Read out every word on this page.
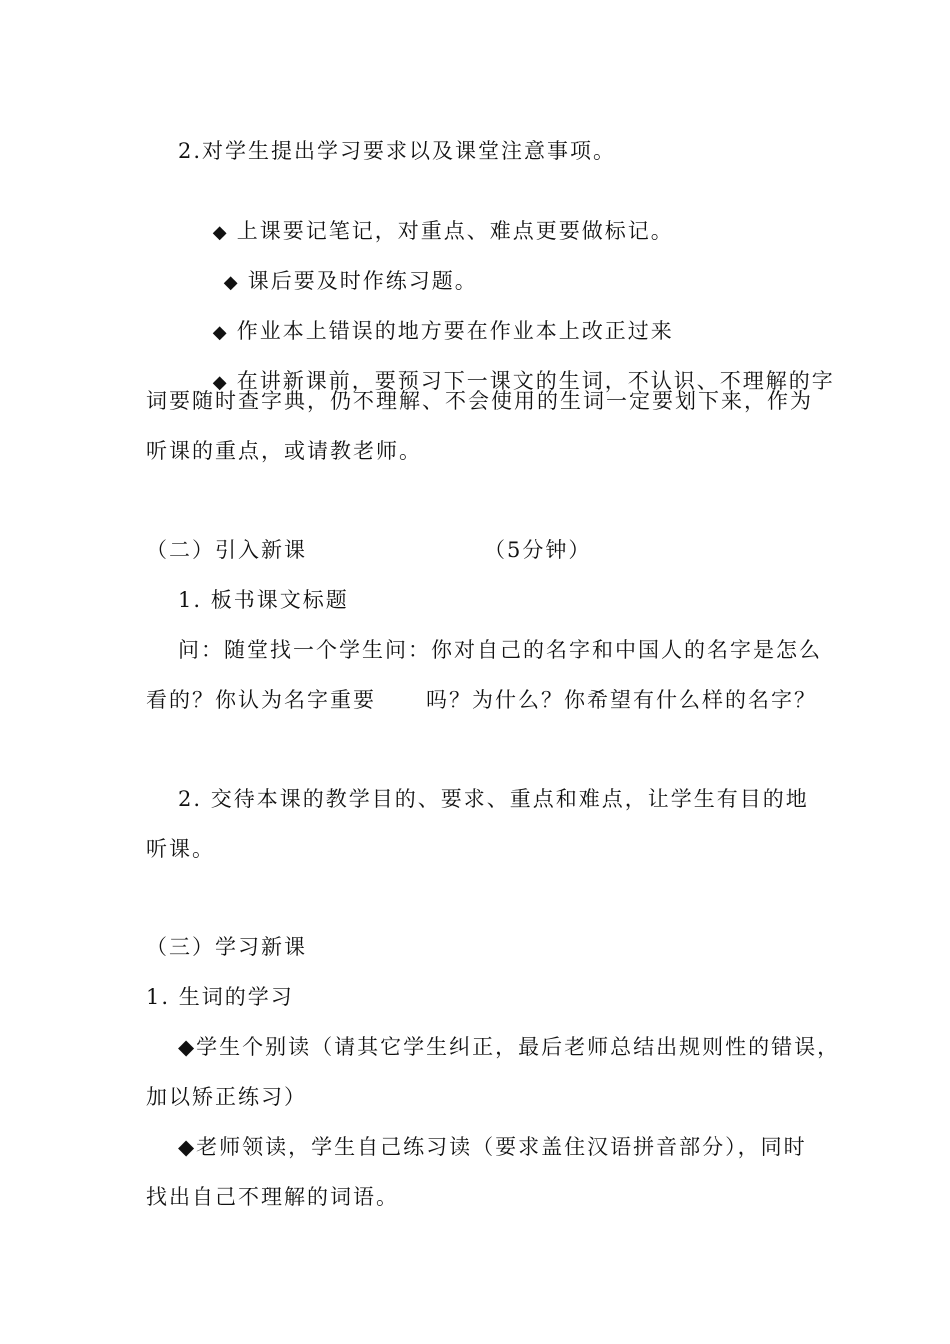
2.对学生提出学习要求以及课堂注意事项。

◆ 上课要记笔记，对重点、难点更要做标记。

◆ 课后要及时作练习题。

◆ 作业本上错误的地方要在作业本上改正过来

◆ 在讲新课前，要预习下一课文的生词，不认识、不理解的字

词要随时查字典，仍不理解、不会使用的生词一定要划下来，作为
听课的重点，或请教老师。
（二）引入新课	（5分钟）
1. 板书课文标题
问：随堂找一个学生问：你对自己的名字和中国人的名字是怎么
看的？你认为名字重要 吗？为什么？你希望有什么样的名字？
2. 交待本课的教学目的、要求、重点和难点，让学生有目的地
听课。
（三）学习新课
1. 生词的学习
◆学生个别读（请其它学生纠正，最后老师总结出规则性的错误，
加以矫正练习）
◆老师领读，学生自己练习读（要求盖住汉语拼音部分），同时
找出自己不理解的词语。
